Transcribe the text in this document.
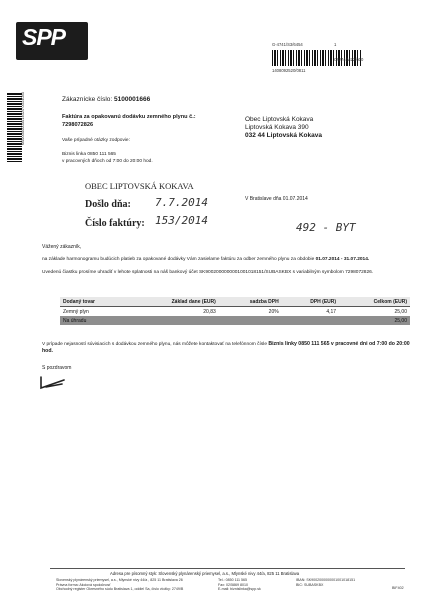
SPP	G-4741/S3/6454	1
CW74(M22/600
1408092520/0811
M000000000014020 0014040	Zákaznícke číslo: 5100001666
Faktúra za opakovanú dodávku zemného plynu č.:
7298072826
Vaše prípadné otázky zodpovie:
Biznis linka 0850 111 565
v pracovných dňoch od 7:00 do 20:00 hod.
Obec Liptovská Kokava
Liptovská Kokava 390
032 44 Liptovská Kokava
OBEC LIPTOVSKÁ KOKAVA
Došlo dňa: 7.7.2014
Číslo faktúry: 153/2014
492 - BYT
V Bratislave dňa 01.07.2014
Vážený zákazník,
na základe harmonogramu budúcich platieb za opakované dodávky Vám zasielame faktúru za odber zemného plynu za obdobie 01.07.2014 - 31.07.2014.
Uvedenú čiastku prosíme uhradiť v lehote splatnosti na náš bankový účet SK9002000000001001018151/SUBASKBX s variabilným symbolom 7298072826.
Dodaný tovar	Základ dane (EUR)	sadzba DPH	DPH (EUR)	Celkom (EUR)
Zemný plyn	20,83	20%	4,17	25,00
Na úhradu				25,00
V prípade nejasností súvisiacich s dodávkou zemného plynu, nás môžete kontaktovať na telefónnom čísle Biznis linky 0850 111 565 v pracovné dni od 7:00 do 20:00 hod.
S pozdravom
Adresa pre písomný styk: Slovenský plynárenský priemysel, a.s., Mlynské nivy 44/a, 825 11 Bratislava
Slovenský plynárenský priemysel, a.s., Mlynské nivy 44/a , 825 11 Bratislava 26
Právna forma: Akciová spoločnosť
Obchodný register Okresného súdu Bratislava 1, oddiel Sa, číslo vložky: 2749/B
Tel.: 0850 111 565
Fax: 02/5869 8010
E-mail: biznislinka@spp.sk
IBAN: SK9002000000001001018151
BIC: SUBASKBX
BIF402
